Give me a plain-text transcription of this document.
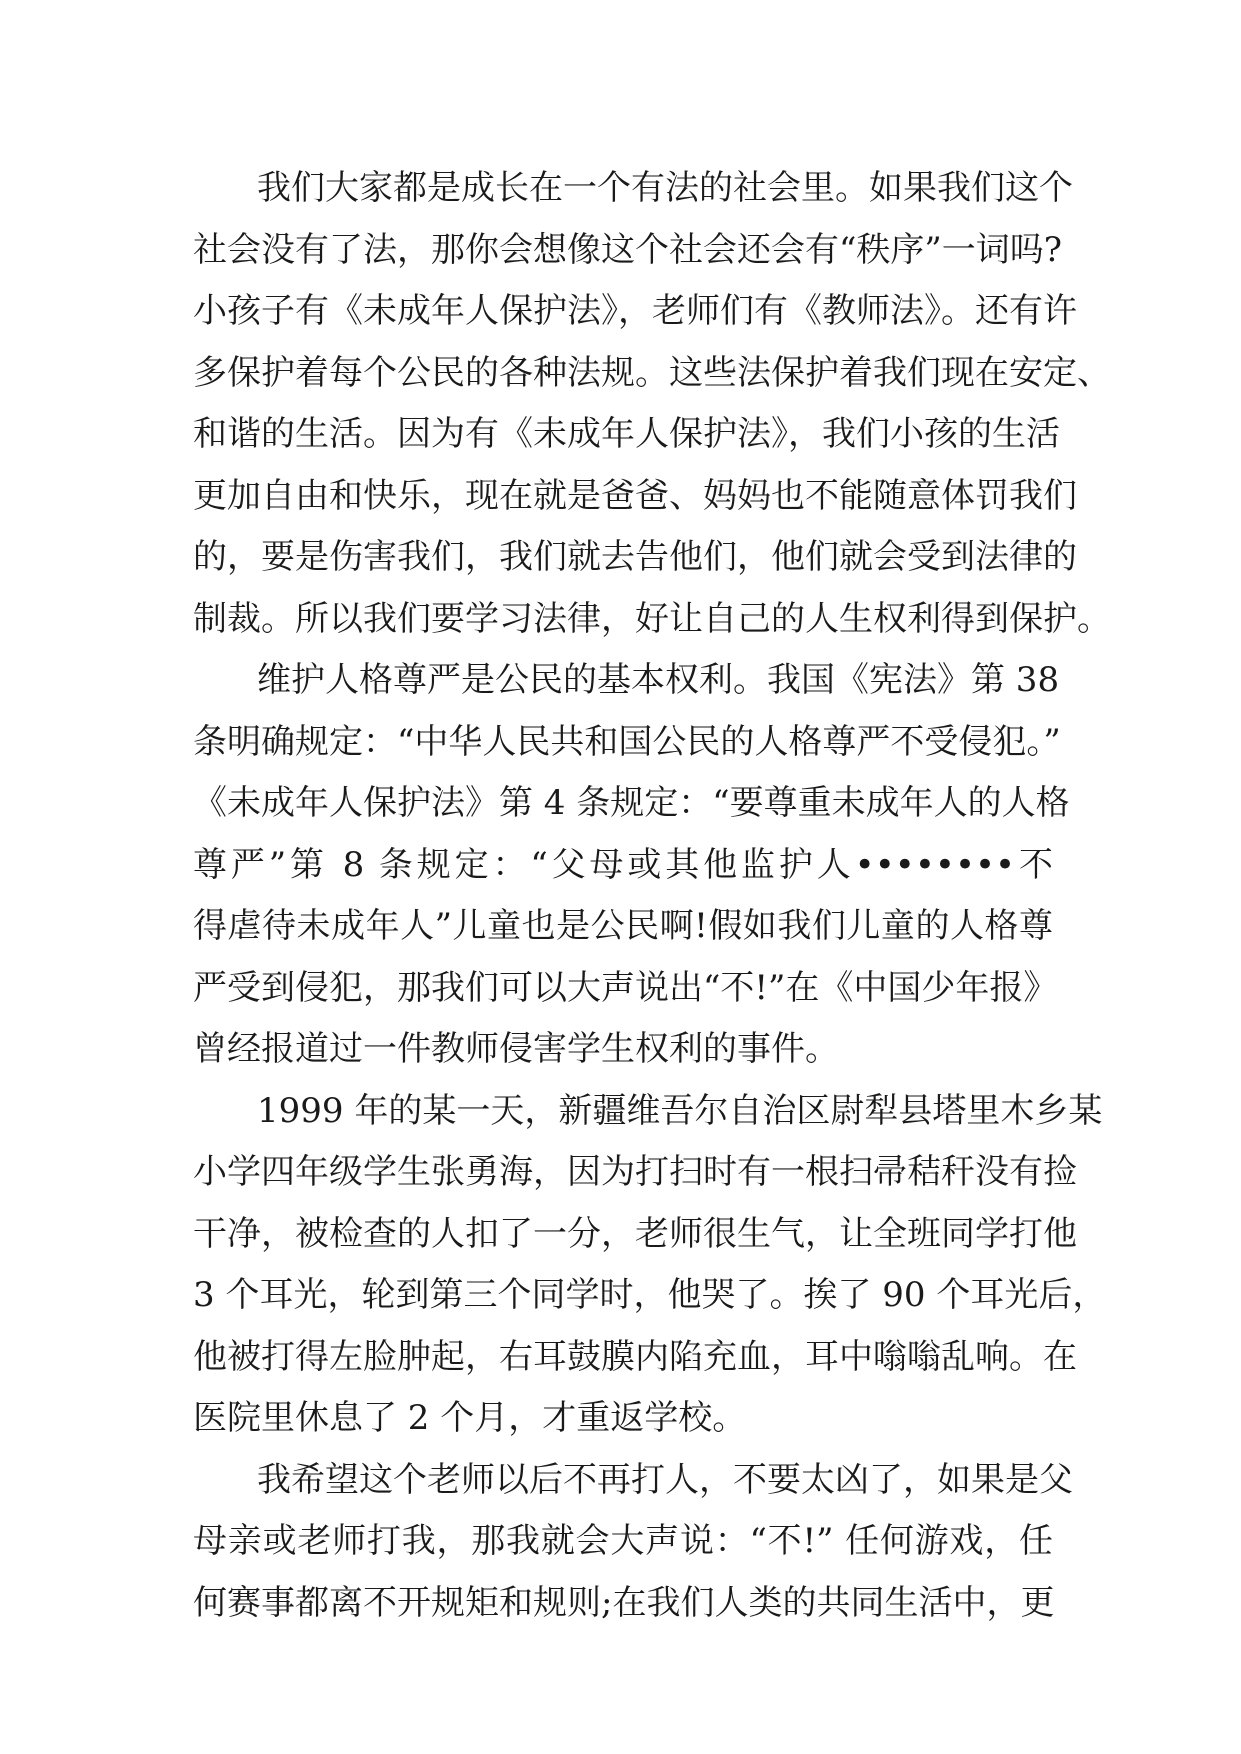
我们大家都是成长在一个有法的社会里。如果我们这个
社会没有了法，那你会想像这个社会还会有“秩序”一词吗?
小孩子有《未成年人保护法》，老师们有《教师法》。还有许
多保护着每个公民的各种法规。这些法保护着我们现在安定、
和谐的生活。因为有《未成年人保护法》，我们小孩的生活
更加自由和快乐，现在就是爸爸、妈妈也不能随意体罚我们
的，要是伤害我们，我们就去告他们，他们就会受到法律的
制裁。所以我们要学习法律，好让自己的人生权利得到保护。
维护人格尊严是公民的基本权利。我国《宪法》第 38
条明确规定：“中华人民共和国公民的人格尊严不受侵犯。”
《未成年人保护法》第 4 条规定：“要尊重未成年人的人格
尊严”第 8 条规定：“父母或其他监护人••••••••不
得虐待未成年人”儿童也是公民啊!假如我们儿童的人格尊
严受到侵犯，那我们可以大声说出“不!”在《中国少年报》
曾经报道过一件教师侵害学生权利的事件。
1999 年的某一天，新疆维吾尔自治区尉犁县塔里木乡某
小学四年级学生张勇海，因为打扫时有一根扫帚秸秆没有捡
干净，被检查的人扣了一分，老师很生气，让全班同学打他
3 个耳光，轮到第三个同学时，他哭了。挨了 90 个耳光后，
他被打得左脸肿起，右耳鼓膜内陷充血，耳中嗡嗡乱响。在
医院里休息了 2 个月，才重返学校。
我希望这个老师以后不再打人，不要太凶了，如果是父
母亲或老师打我，那我就会大声说：“不!” 任何游戏，任
何赛事都离不开规矩和规则;在我们人类的共同生活中，更
